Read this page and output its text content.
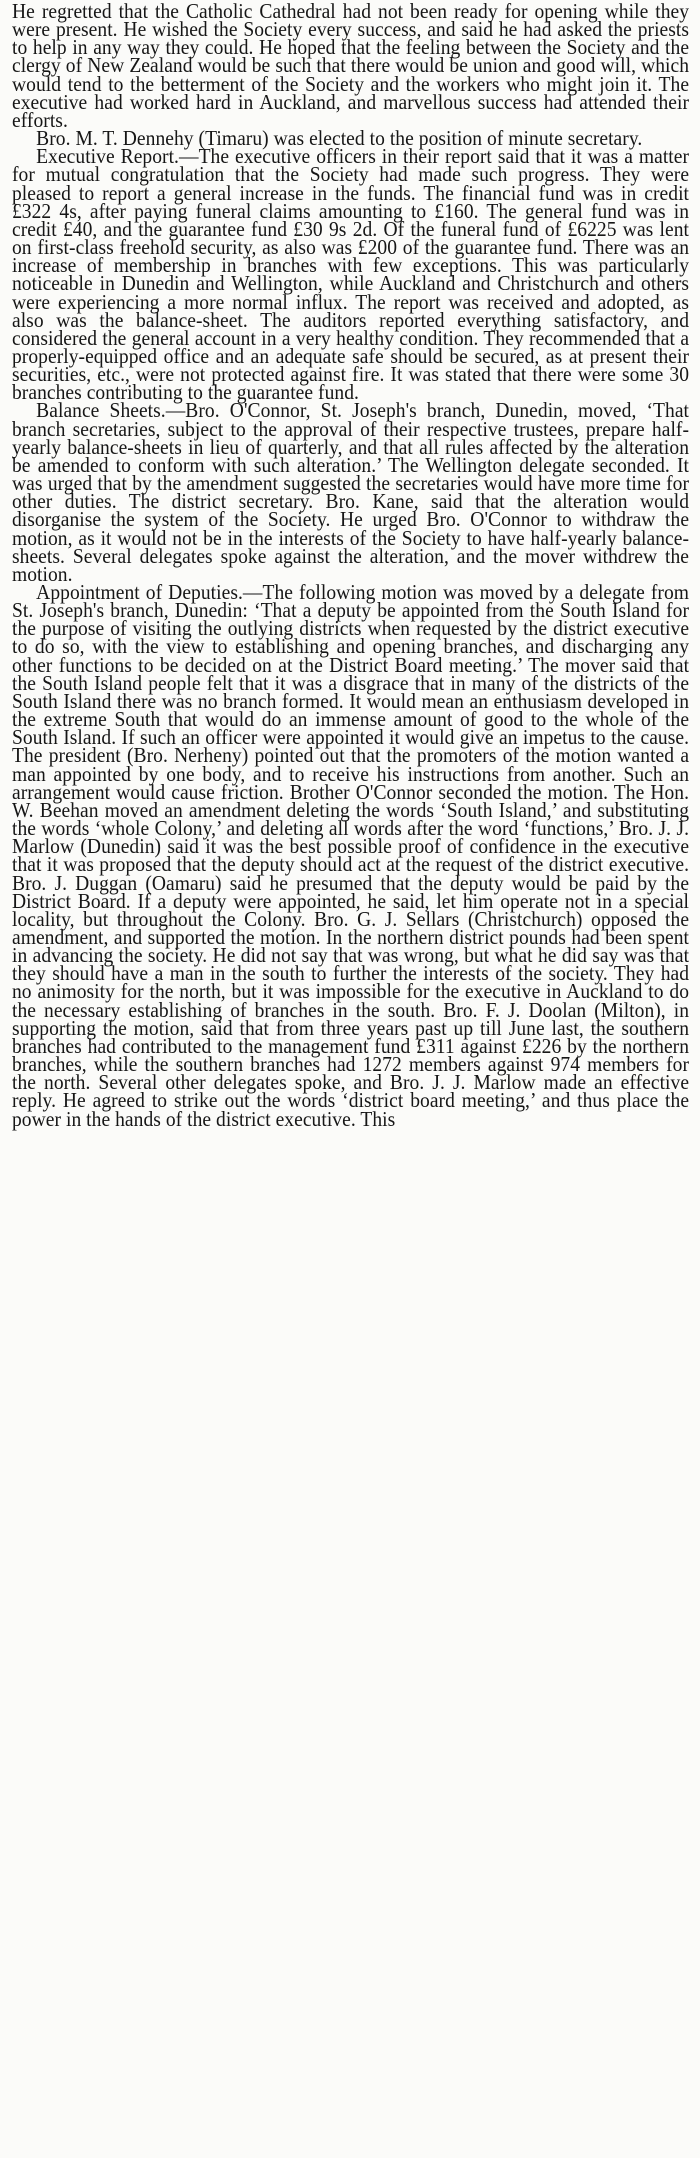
He regretted that the Catholic Cathedral had not been ready for opening while they were present. He wished the Society every success, and said he had asked the priests to help in any way they could. He hoped that the feeling between the Society and the clergy of New Zealand would be such that there would be union and good will, which would tend to the betterment of the Society and the workers who might join it. The executive had worked hard in Auckland, and marvellous success had attended their efforts.

Bro. M. T. Dennehy (Timaru) was elected to the position of minute secretary.

Executive Report.—The executive officers in their report said that it was a matter for mutual congratulation that the Society had made such progress. They were pleased to report a general increase in the funds. The financial fund was in credit £322 4s, after paying funeral claims amounting to £160. The general fund was in credit £40, and the guarantee fund £30 9s 2d. Of the funeral fund of £6225 was lent on first-class freehold security, as also was £200 of the guarantee fund. There was an increase of membership in branches with few exceptions. This was particularly noticeable in Dunedin and Wellington, while Auckland and Christchurch and others were experiencing a more normal influx. The report was received and adopted, as also was the balance-sheet. The auditors reported everything satisfactory, and considered the general account in a very healthy condition. They recommended that a properly-equipped office and an adequate safe should be secured, as at present their securities, etc., were not protected against fire. It was stated that there were some 30 branches contributing to the guarantee fund.

Balance Sheets.—Bro. O'Connor, St. Joseph's branch, Dunedin, moved, ‘That branch secretaries, subject to the approval of their respective trustees, prepare half-yearly balance-sheets in lieu of quarterly, and that all rules affected by the alteration be amended to conform with such alteration.’ The Wellington delegate seconded. It was urged that by the amendment suggested the secretaries would have more time for other duties. The district secretary. Bro. Kane, said that the alteration would disorganise the system of the Society. He urged Bro. O'Connor to withdraw the motion, as it would not be in the interests of the Society to have half-yearly balance-sheets. Several delegates spoke against the alteration, and the mover withdrew the motion.

Appointment of Deputies.—The following motion was moved by a delegate from St. Joseph's branch, Dunedin: ‘That a deputy be appointed from the South Island for the purpose of visiting the outlying districts when requested by the district executive to do so, with the view to establishing and opening branches, and discharging any other functions to be decided on at the District Board meeting.’ The mover said that the South Island people felt that it was a disgrace that in many of the districts of the South Island there was no branch formed. It would mean an enthusiasm developed in the extreme South that would do an immense amount of good to the whole of the South Island. If such an officer were appointed it would give an impetus to the cause. The president (Bro. Nerheny) pointed out that the promoters of the motion wanted a man appointed by one body, and to receive his instructions from another. Such an arrangement would cause friction. Brother O'Connor seconded the motion. The Hon. W. Beehan moved an amendment deleting the words ‘South Island,’ and substituting the words ‘whole Colony,’ and deleting all words after the word ‘functions,’ Bro. J. J. Marlow (Dunedin) said it was the best possible proof of confidence in the executive that it was proposed that the deputy should act at the request of the district executive. Bro. J. Duggan (Oamaru) said he presumed that the deputy would be paid by the District Board. If a deputy were appointed, he said, let him operate not in a special locality, but throughout the Colony. Bro. G. J. Sellars (Christchurch) opposed the amendment, and supported the motion. In the northern district pounds had been spent in advancing the society. He did not say that was wrong, but what he did say was that they should have a man in the south to further the interests of the society. They had no animosity for the north, but it was impossible for the executive in Auckland to do the necessary establishing of branches in the south. Bro. F. J. Doolan (Milton), in supporting the motion, said that from three years past up till June last, the southern branches had contributed to the management fund £311 against £226 by the northern branches, while the southern branches had 1272 members against 974 members for the north. Several other delegates spoke, and Bro. J. J. Marlow made an effective reply. He agreed to strike out the words ‘district board meeting,’ and thus place the power in the hands of the district executive. This
